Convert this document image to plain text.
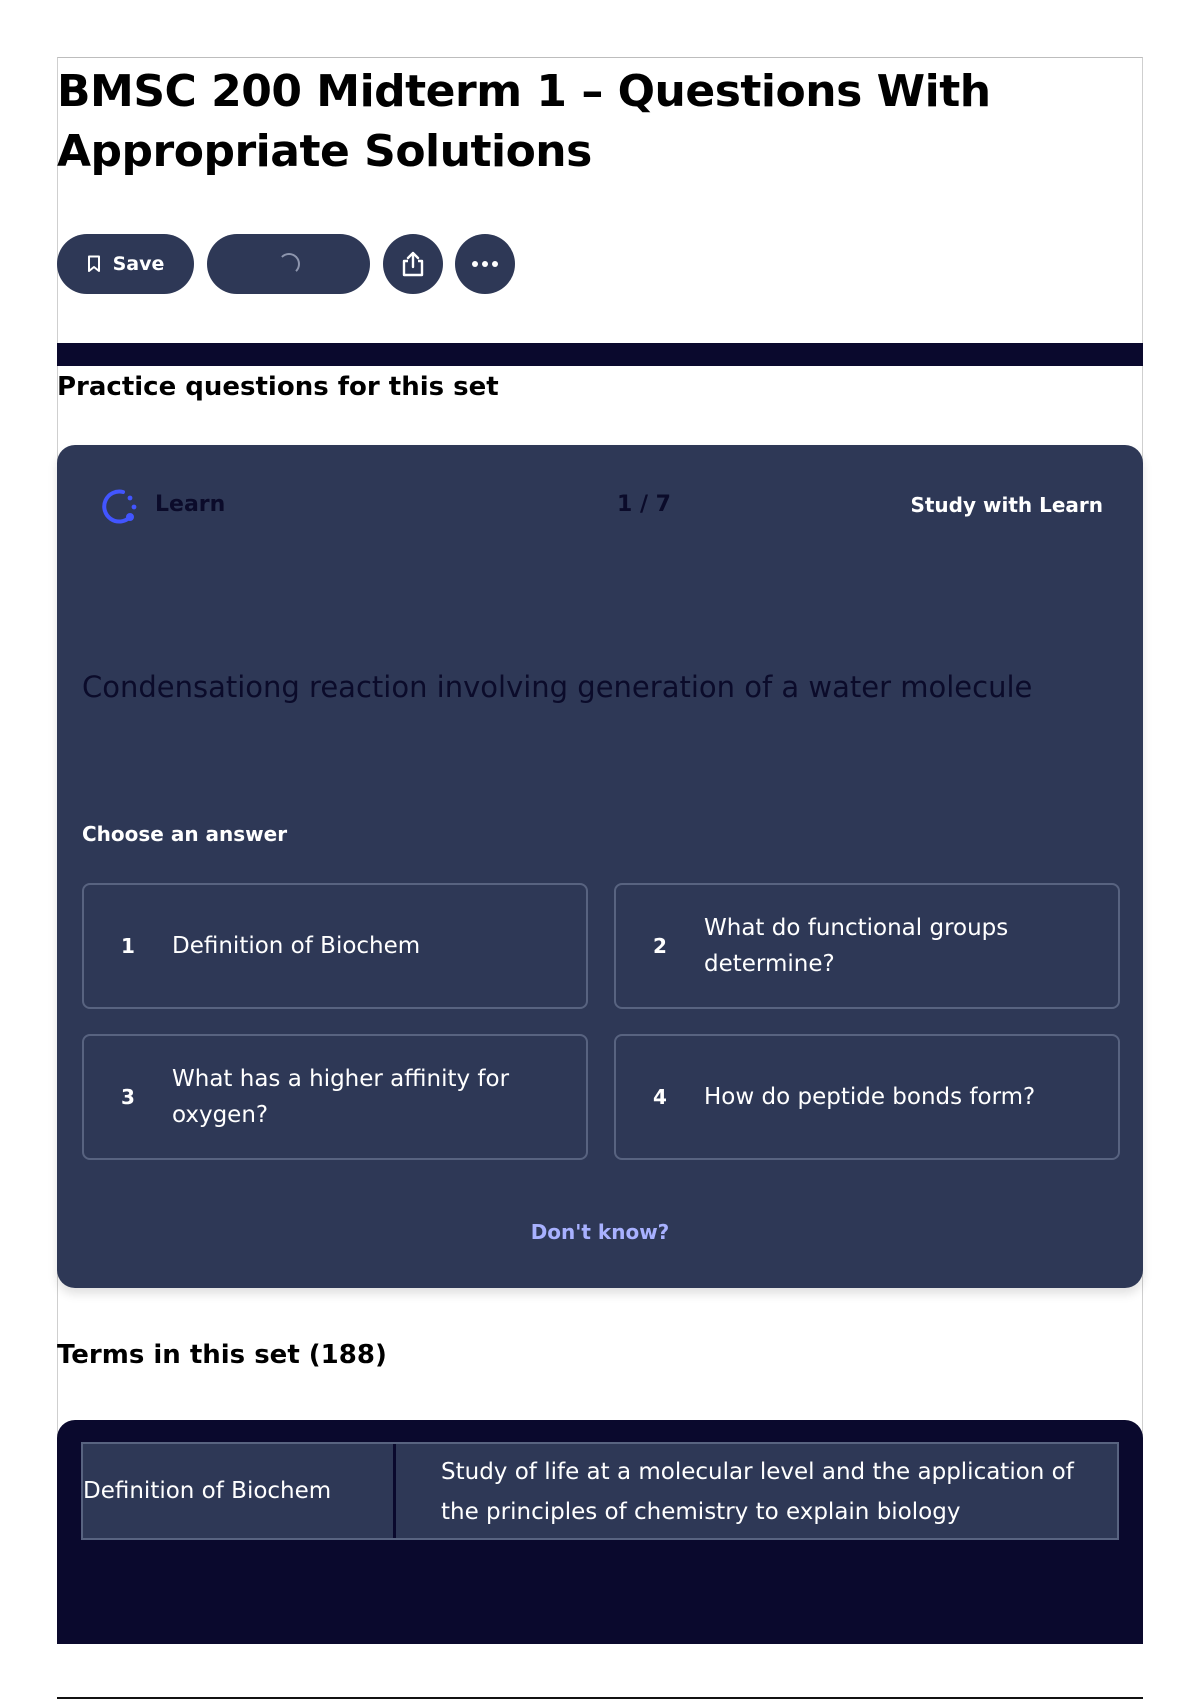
BMSC 200 Midterm 1 – Questions With
Appropriate Solutions
Save
Practice questions for this set
Learn	1 / 7	Study with Learn
Condensationg reaction involving generation of a water molecule
Choose an answer
1	Definition of Biochem	2
What do functional groups determine?
3
What has a higher affinity for oxygen?
4	How do peptide bonds form?
Don't know?
Terms in this set (188)
Definition of Biochem
Study of life at a molecular level and the application of the principles of chemistry to explain biology
